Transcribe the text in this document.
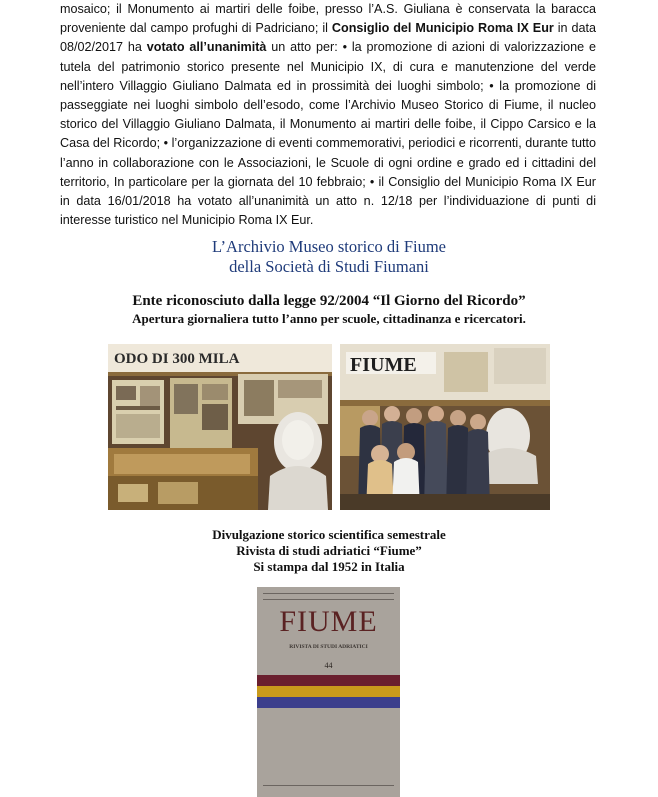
mosaico; il Monumento ai martiri delle foibe, presso l’A.S. Giuliana è conservata la baracca proveniente dal campo profughi di Padriciano; il Consiglio del Municipio Roma IX Eur in data 08/02/2017 ha votato all’unanimità un atto per: • la promozione di azioni di valorizzazione e tutela del patrimonio storico presente nel Municipio IX, di cura e manutenzione del verde nell’intero Villaggio Giuliano Dalmata ed in prossimità dei luoghi simbolo; • la promozione di passeggiate nei luoghi simbolo dell’esodo, come l’Archivio Museo Storico di Fiume, il nucleo storico del Villaggio Giuliano Dalmata, il Monumento ai martiri delle foibe, il Cippo Carsico e la Casa del Ricordo; • l’organizzazione di eventi commemorativi, periodici e ricorrenti, durante tutto l’anno in collaborazione con le Associazioni, le Scuole di ogni ordine e grado ed i cittadini del territorio, In particolare per la giornata del 10 febbraio; • il Consiglio del Municipio Roma IX Eur in data 16/01/2018 ha votato all’unanimità un atto n. 12/18 per l’individuazione di punti di interesse turistico nel Municipio Roma IX Eur.

L’Archivio Museo storico di Fiume
della Società di Studi Fiumani
Ente riconosciuto dalla legge 92/2004 “Il Giorno del Ricordo”
Apertura giornaliera tutto l’anno per scuole, cittadinanza e ricercatori.
ODO DI 300 MILA	FIUME
Divulgazione storico scientifica semestrale
Rivista di studi adriatici “Fiume”
Si stampa dal 1952 in Italia
FIUME
RIVISTA DI STUDI ADRIATICI
44
